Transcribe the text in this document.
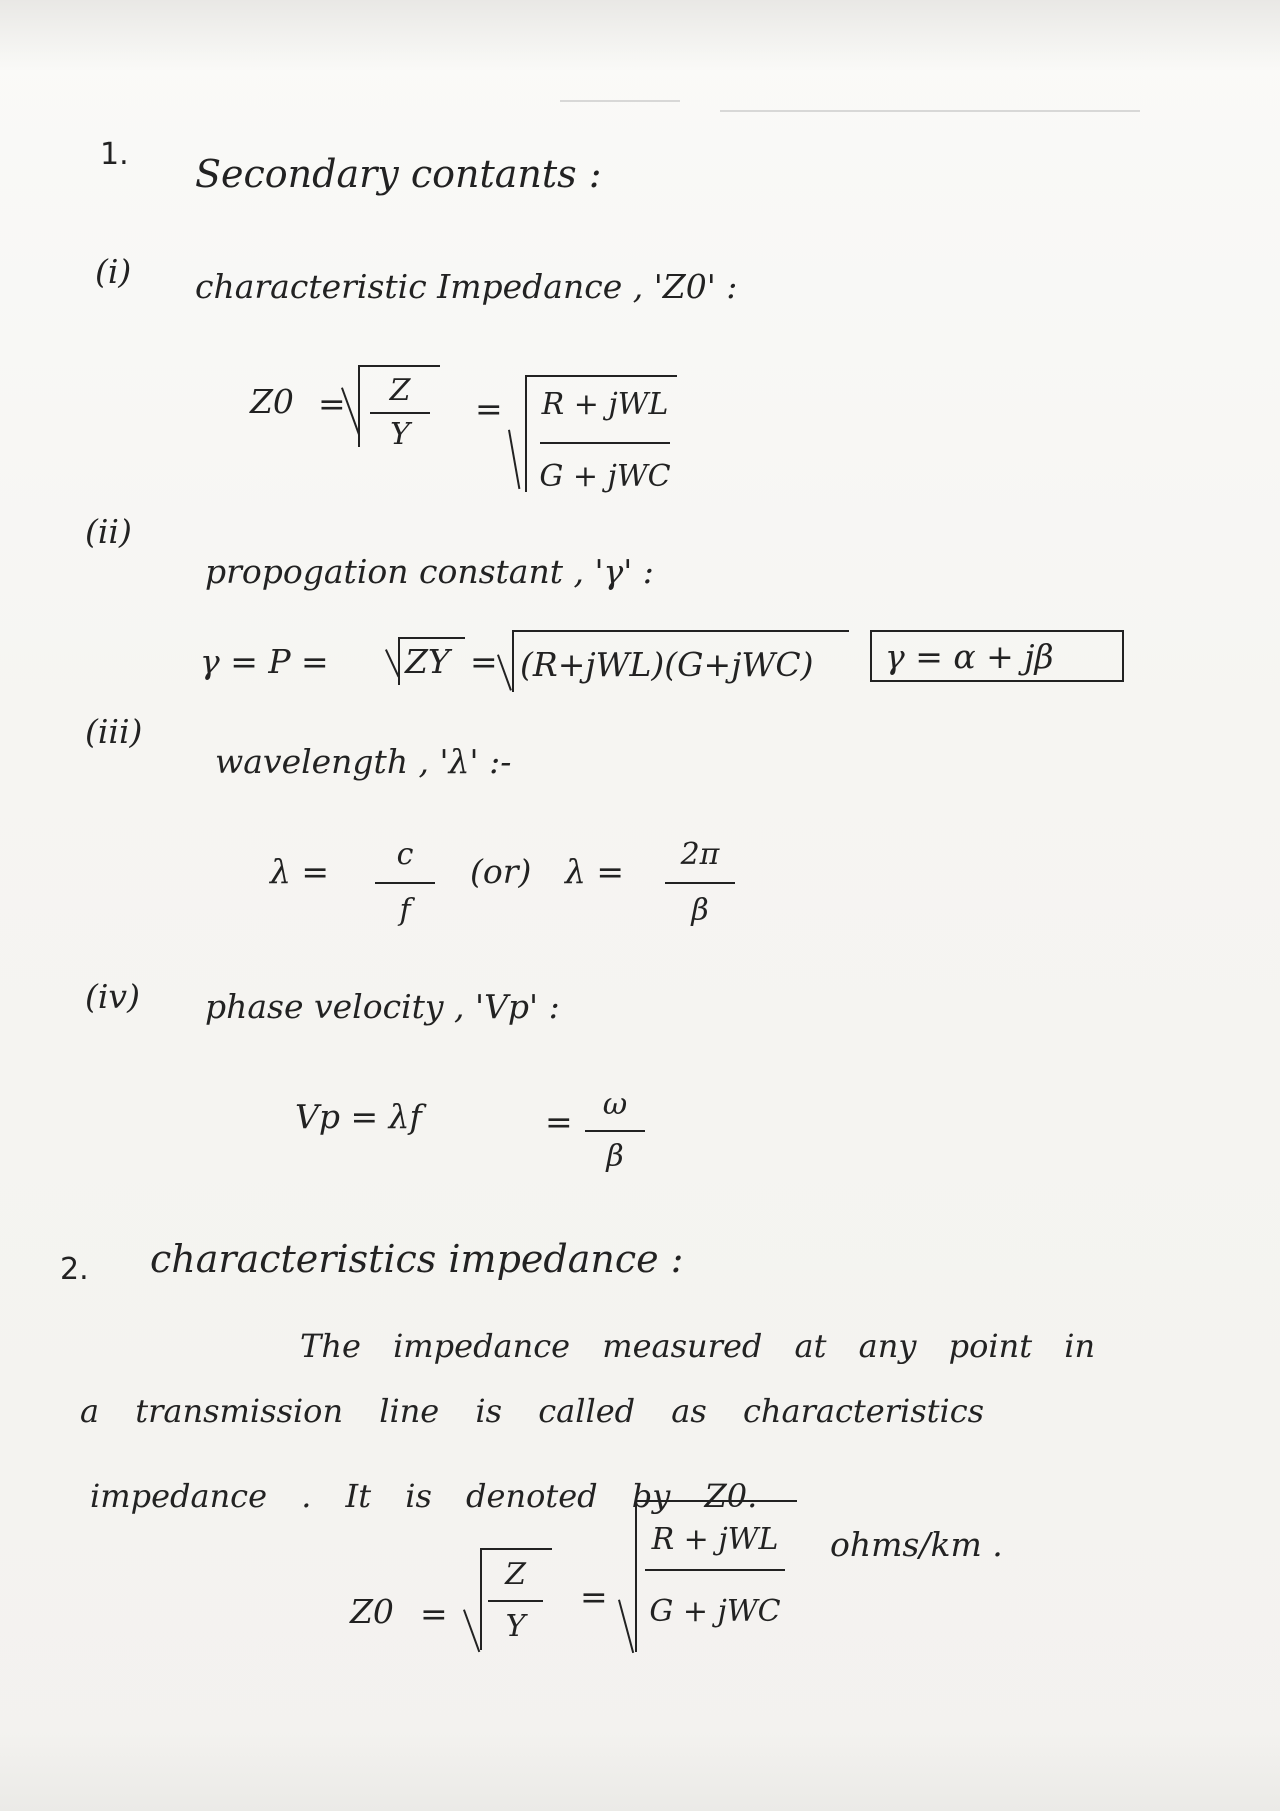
1. Secondary contants :
(i) characteristic Impedance , 'Z0' :
Z0 = Z
Y
= R + jWL
G + jWC
(ii)
propogation constant , 'γ' :
γ = P = ZY = (R+jWL)(G+jWC) γ = α + jβ
(iii)
wavelength , 'λ' :-
λ = c
f
(or) λ = 2π
β
(iv) phase velocity , 'Vp' :
Vp = λf	= ω
β
2. characteristics impedance :
The impedance measured at any point in
a transmission line is called as characteristics
impedance . It is denoted by Z0.
Z0 =
Z
Y
=
R + jWL
G + jWC
ohms/km .
